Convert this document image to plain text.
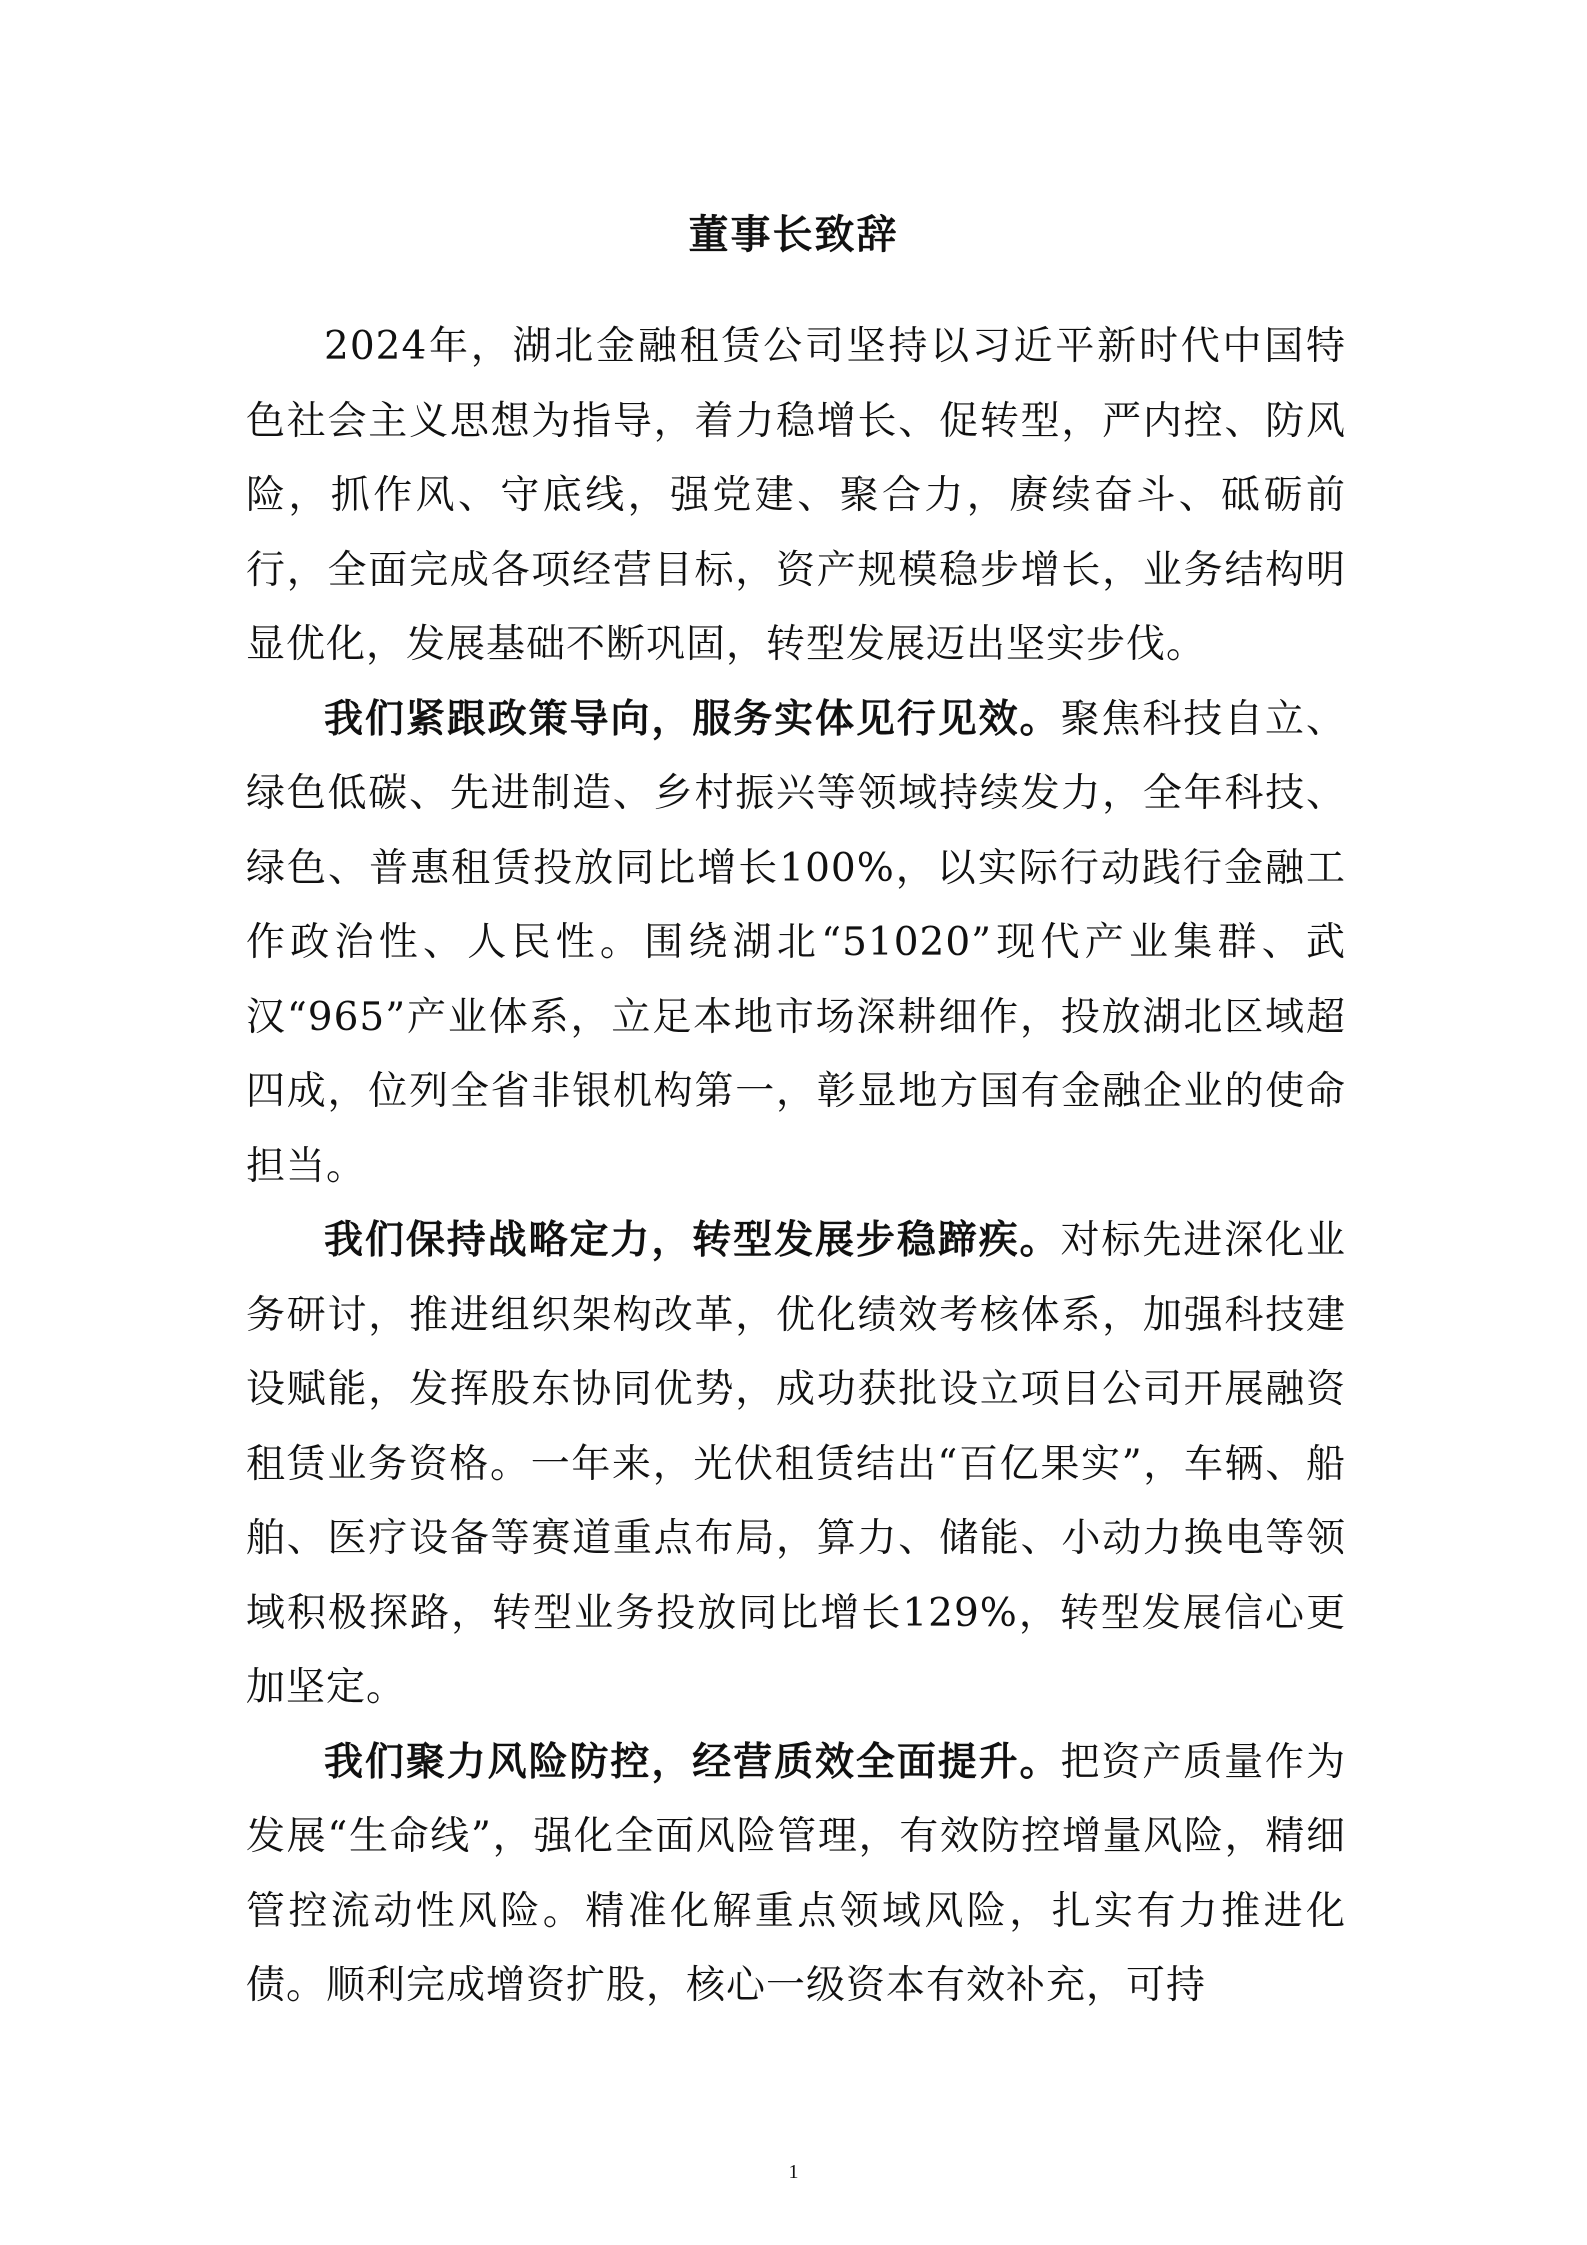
董事长致辞

2024年，湖北金融租赁公司坚持以习近平新时代中国特色社会主义思想为指导，着力稳增长、促转型，严内控、防风险，抓作风、守底线，强党建、聚合力，赓续奋斗、砥砺前行，全面完成各项经营目标，资产规模稳步增长，业务结构明显优化，发展基础不断巩固，转型发展迈出坚实步伐。

我们紧跟政策导向，服务实体见行见效。聚焦科技自立、绿色低碳、先进制造、乡村振兴等领域持续发力，全年科技、绿色、普惠租赁投放同比增长100%，以实际行动践行金融工作政治性、人民性。围绕湖北“51020”现代产业集群、武汉“965”产业体系，立足本地市场深耕细作，投放湖北区域超四成，位列全省非银机构第一，彰显地方国有金融企业的使命担当。

我们保持战略定力，转型发展步稳蹄疾。对标先进深化业务研讨，推进组织架构改革，优化绩效考核体系，加强科技建设赋能，发挥股东协同优势，成功获批设立项目公司开展融资租赁业务资格。一年来，光伏租赁结出“百亿果实”，车辆、船舶、医疗设备等赛道重点布局，算力、储能、小动力换电等领域积极探路，转型业务投放同比增长129%，转型发展信心更加坚定。

我们聚力风险防控，经营质效全面提升。把资产质量作为发展“生命线”，强化全面风险管理，有效防控增量风险，精细管控流动性风险。精准化解重点领域风险，扎实有力推进化债。顺利完成增资扩股，核心一级资本有效补充，可持

1
